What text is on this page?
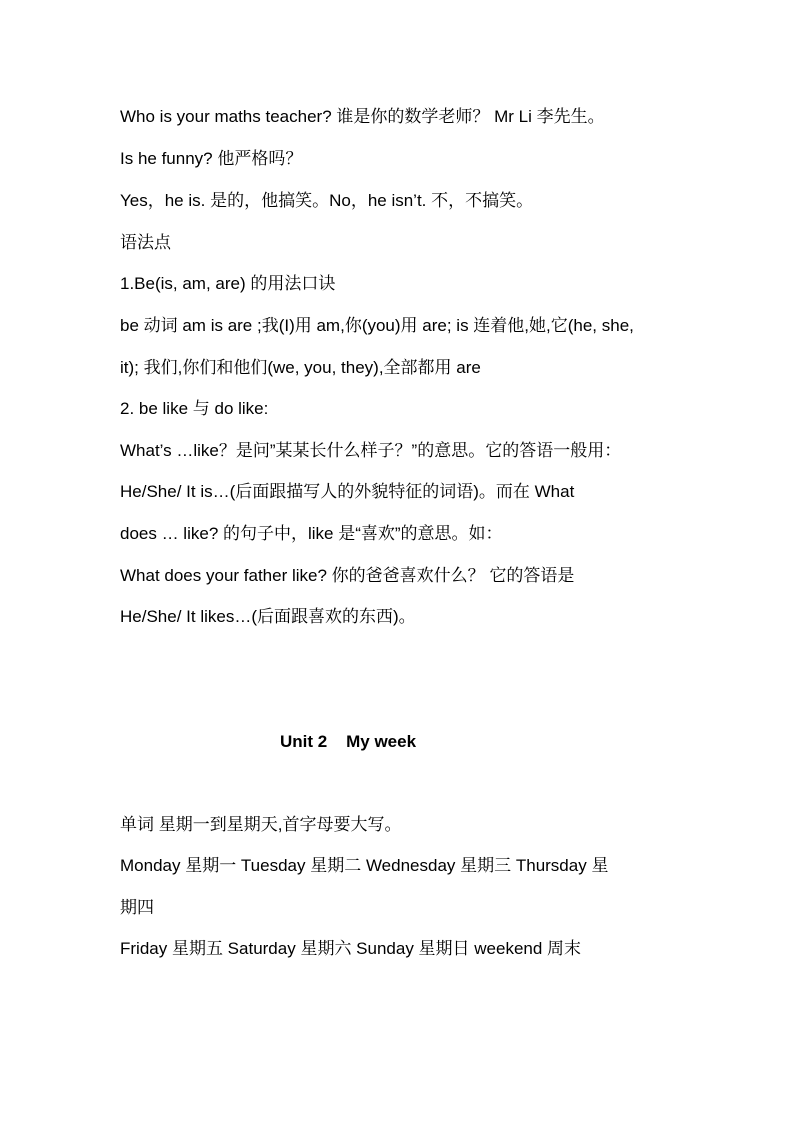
Who is your maths teacher? 谁是你的数学老师？ Mr Li 李先生。
Is he funny? 他严格吗？
Yes，he is. 是的，他搞笑。No，he isn’t. 不，不搞笑。
语法点
1.Be(is, am, are) 的用法口诀
be 动词 am is are ;我(I)用 am,你(you)用 are; is 连着他,她,它(he, she,
it); 我们,你们和他们(we, you, they),全部都用 are
2. be like 与 do like:
What’s …like？是问”某某长什么样子？”的意思。它的答语一般用：
He/She/ It is…(后面跟描写人的外貌特征的词语)。而在 What
does … like? 的句子中，like 是“喜欢”的意思。如：
What does your father like? 你的爸爸喜欢什么？ 它的答语是
He/She/ It likes…(后面跟喜欢的东西)。
Unit 2    My week
单词 星期一到星期天,首字母要大写。
Monday 星期一 Tuesday 星期二 Wednesday 星期三 Thursday 星
期四
Friday 星期五 Saturday 星期六 Sunday 星期日 weekend 周末
